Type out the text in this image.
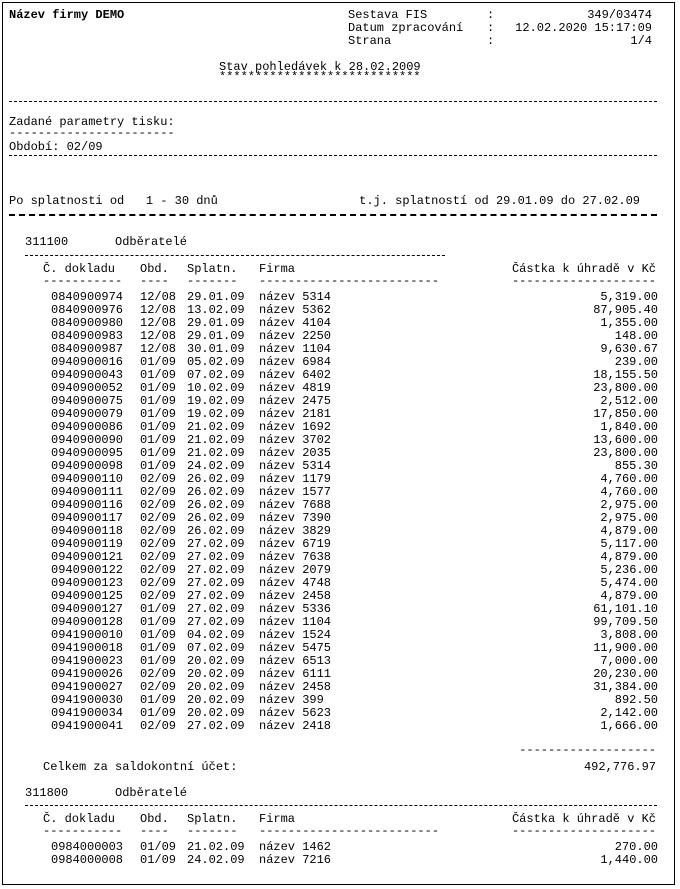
Název firmy DEMO	Sestava FIS	:	349/03474
Datum zpracování : 12.02.2020 15:17:09
Strana	:	1/4
Stav pohledávek k 28.02.2009
****************************
Zadané parametry tisku:
-----------------------
Období: 02/09
Po splatnosti od   1 - 30 dnů	t.j. splatností od 29.01.09 do 27.02.09
311100	Odběratelé
Č. dokladu Obd. Splatn. Firma	Částka k úhradě v Kč
----------- ---- ------- -------------------------	--------------------
0840900974 12/08 29.01.09 název 5314	5,319.00
0840900976 12/08 13.02.09 název 5362	87,905.40
0840900980 12/08 29.01.09 název 4104	1,355.00
0840900983 12/08 29.01.09 název 2250	148.00
0840900987 12/08 30.01.09 název 1104	9,630.67
0940900016 01/09 05.02.09 název 6984	239.00
0940900043 01/09 07.02.09 název 6402	18,155.50
0940900052 01/09 10.02.09 název 4819	23,800.00
0940900075 01/09 19.02.09 název 2475	2,512.00
0940900079 01/09 19.02.09 název 2181	17,850.00
0940900086 01/09 21.02.09 název 1692	1,840.00
0940900090 01/09 21.02.09 název 3702	13,600.00
0940900095 01/09 21.02.09 název 2035	23,800.00
0940900098 01/09 24.02.09 název 5314	855.30
0940900110 02/09 26.02.09 název 1179	4,760.00
0940900111 02/09 26.02.09 název 1577	4,760.00
0940900116 02/09 26.02.09 název 7688	2,975.00
0940900117 02/09 26.02.09 název 7390	2,975.00
0940900118 02/09 26.02.09 název 3829	4,879.00
0940900119 02/09 27.02.09 název 6719	5,117.00
0940900121 02/09 27.02.09 název 7638	4,879.00
0940900122 02/09 27.02.09 název 2079	5,236.00
0940900123 02/09 27.02.09 název 4748	5,474.00
0940900125 02/09 27.02.09 název 2458	4,879.00
0940900127 01/09 27.02.09 název 5336	61,101.10
0940900128 01/09 27.02.09 název 1104	99,709.50
0941900010 01/09 04.02.09 název 1524	3,808.00
0941900018 01/09 07.02.09 název 5475	11,900.00
0941900023 01/09 20.02.09 název 6513	7,000.00
0941900026 02/09 20.02.09 název 6111	20,230.00
0941900027 02/09 20.02.09 název 2458	31,384.00
0941900030 01/09 20.02.09 název 399	892.50
0941900034 01/09 20.02.09 název 5623	2,142.00
0941900041 02/09 27.02.09 název 2418	1,666.00
-------------------
Celkem za saldokontní účet:	492,776.97
311800	Odběratelé
Č. dokladu Obd. Splatn. Firma	Částka k úhradě v Kč
----------- ---- ------- -------------------------	--------------------
0984000003 01/09 21.02.09 název 1462	270.00
0984000008 01/09 24.02.09 název 7216	1,440.00
